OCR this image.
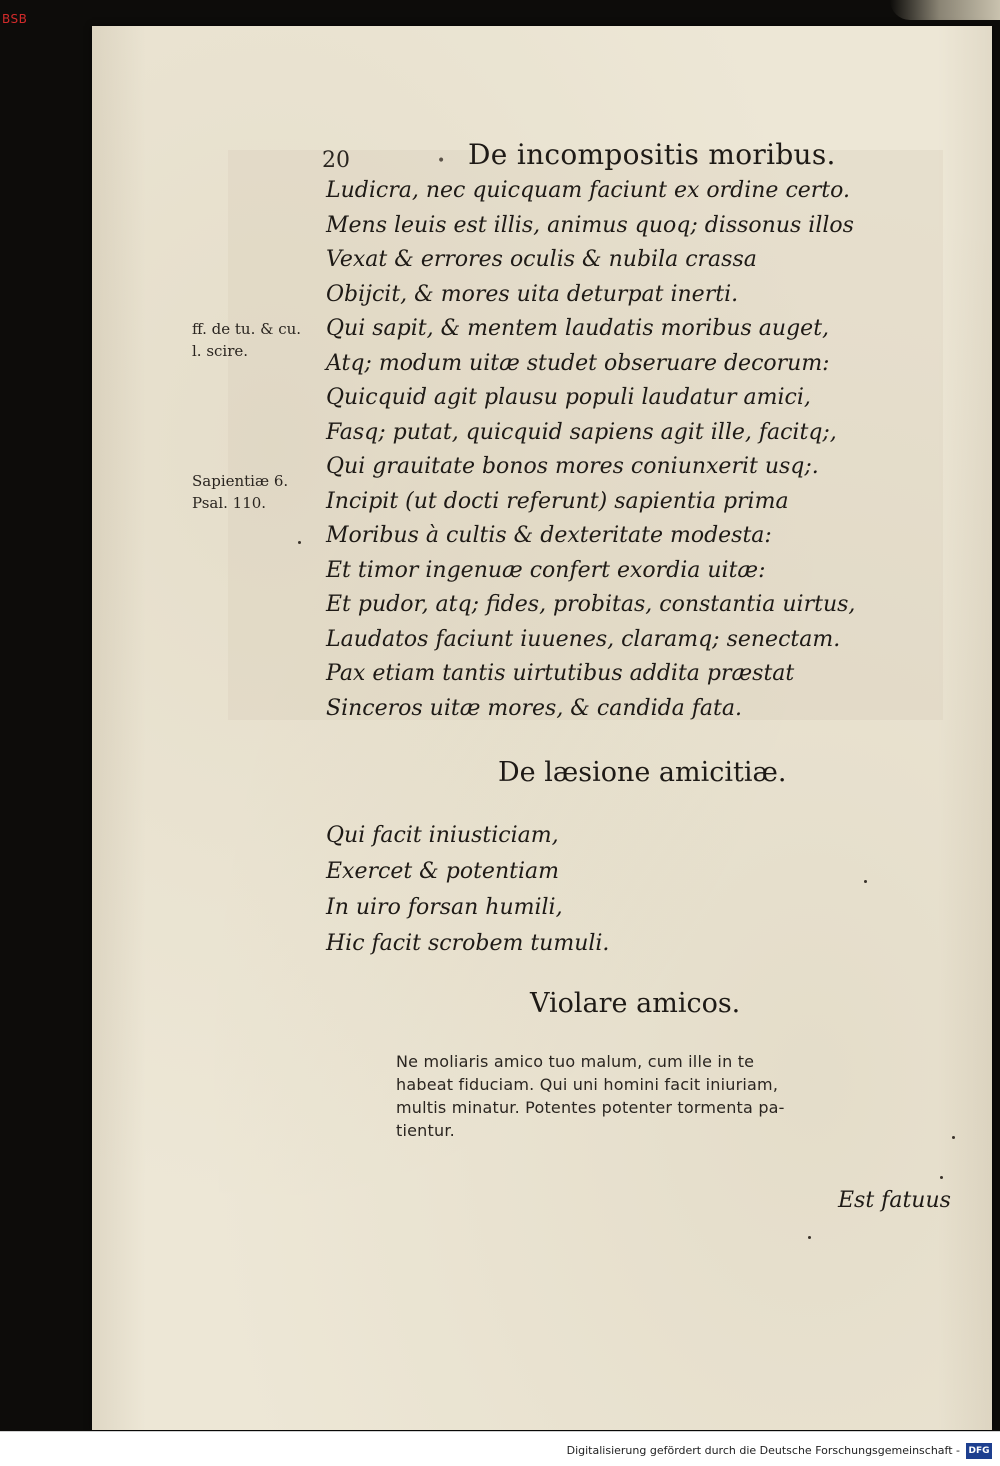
BSB
20	• De incompositis moribus.
Ludicra, nec quicquam faciunt ex ordine certo.
Mens leuis est illis, animus quoq; dissonus illos
Vexat & errores oculis & nubila crassa
Obijcit, & mores uita deturpat inerti.
Qui sapit, & mentem laudatis moribus auget,
Atq; modum uitæ studet obseruare decorum:
Quicquid agit plausu populi laudatur amici,
Fasq; putat, quicquid sapiens agit ille, facitq;,
Qui grauitate bonos mores coniunxerit usq;.
Incipit (ut docti referunt) sapientia prima
Moribus à cultis & dexteritate modesta:
Et timor ingenuæ confert exordia uitæ:
Et pudor, atq; fides, probitas, constantia uirtus,
Laudatos faciunt iuuenes, claramq; senectam.
Pax etiam tantis uirtutibus addita præstat
Sinceros uitæ mores, & candida fata.
ff. de tu. & cu.
l. scire.
Sapientiæ 6.
Psal. 110.
De læsione amicitiæ.
Qui facit iniusticiam,
Exercet & potentiam
In uiro forsan humili,
Hic facit scrobem tumuli.
Violare amicos.
Ne moliaris amico tuo malum, cum ille in te
habeat fiduciam. Qui uni homini facit iniuriam,
multis minatur. Potentes potenter tormenta pa-
tientur.
Est fatuus
Digitalisierung gefördert durch die Deutsche Forschungsgemeinschaft - DFG
